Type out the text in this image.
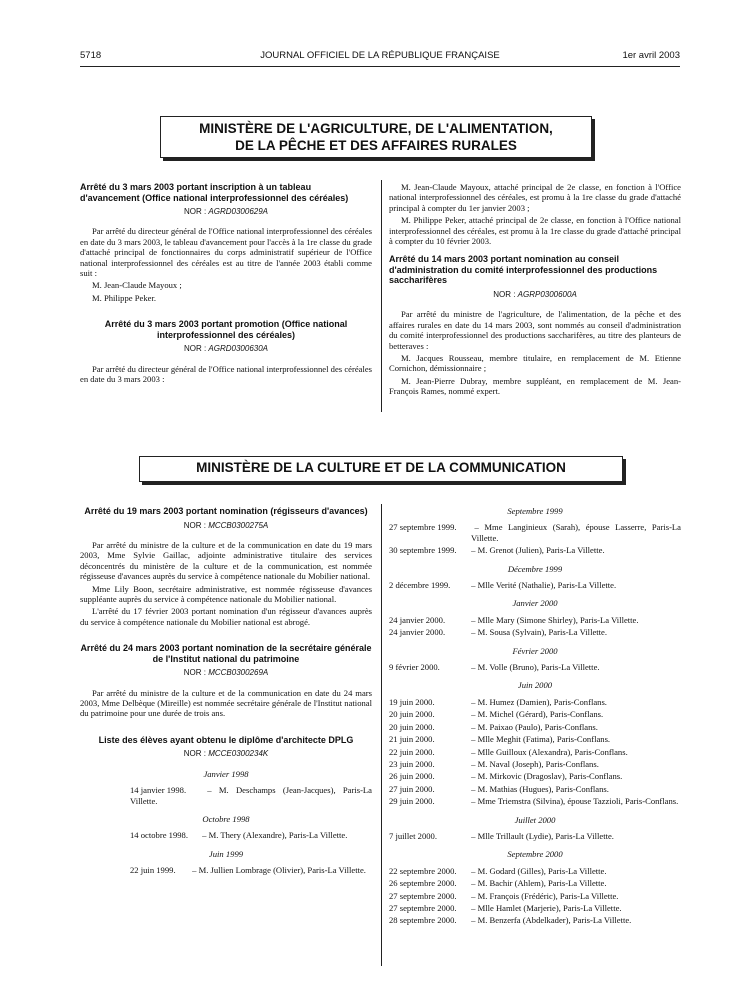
5718	JOURNAL OFFICIEL DE LA RÉPUBLIQUE FRANÇAISE	1er avril 2003
MINISTÈRE DE L'AGRICULTURE, DE L'ALIMENTATION,
DE LA PÊCHE ET DES AFFAIRES RURALES
Arrêté du 3 mars 2003 portant inscription à un tableau d'avancement (Office national interprofessionnel des céréales)
NOR : AGRD0300629A

Par arrêté du directeur général de l'Office national interprofessionnel des céréales en date du 3 mars 2003, le tableau d'avancement pour l'accès à la 1re classe du grade d'attaché principal de fonctionnaires du corps administratif supérieur de l'Office national interprofessionnel des céréales est au titre de l'année 2003 établi comme suit :

M. Jean-Claude Mayoux ;

M. Philippe Peker.

Arrêté du 3 mars 2003 portant promotion (Office national interprofessionnel des céréales)
NOR : AGRD0300630A

Par arrêté du directeur général de l'Office national interprofessionnel des céréales en date du 3 mars 2003 :

M. Jean-Claude Mayoux, attaché principal de 2e classe, en fonction à l'Office national interprofessionnel des céréales, est promu à la 1re classe du grade d'attaché principal à compter du 1er janvier 2003 ;

M. Philippe Peker, attaché principal de 2e classe, en fonction à l'Office national interprofessionnel des céréales, est promu à la 1re classe du grade d'attaché principal à compter du 10 février 2003.

Arrêté du 14 mars 2003 portant nomination au conseil d'administration du comité interprofessionnel des productions saccharifères
NOR : AGRP0300600A

Par arrêté du ministre de l'agriculture, de l'alimentation, de la pêche et des affaires rurales en date du 14 mars 2003, sont nommés au conseil d'administration du comité interprofessionnel des productions saccharifères, au titre des planteurs de betteraves :

M. Jacques Rousseau, membre titulaire, en remplacement de M. Etienne Cornichon, démissionnaire ;

M. Jean-Pierre Dubray, membre suppléant, en remplacement de M. Jean-François Rames, nommé expert.

MINISTÈRE DE LA CULTURE ET DE LA COMMUNICATION
Arrêté du 19 mars 2003 portant nomination (régisseurs d'avances)
NOR : MCCB0300275A

Par arrêté du ministre de la culture et de la communication en date du 19 mars 2003, Mme Sylvie Gaillac, adjointe administrative titulaire des services déconcentrés du ministère de la culture et de la communication, est nommée régisseuse d'avances auprès du service à compétence nationale du Mobilier national.

Mme Lily Boon, secrétaire administrative, est nommée régisseuse d'avances suppléante auprès du service à compétence nationale du Mobilier national.

L'arrêté du 17 février 2003 portant nomination d'un régisseur d'avances auprès du service à compétence nationale du Mobilier national est abrogé.

Arrêté du 24 mars 2003 portant nomination de la secrétaire générale de l'Institut national du patrimoine
NOR : MCCB0300269A

Par arrêté du ministre de la culture et de la communication en date du 24 mars 2003, Mme Delbèque (Mireille) est nommée secrétaire générale de l'Institut national du patrimoine pour une durée de trois ans.

Liste des élèves ayant obtenu le diplôme d'architecte DPLG
NOR : MCCE0300234K
Janvier 1998

14 janvier 1998. – M. Deschamps (Jean-Jacques), Paris-La Villette.

Octobre 1998

14 octobre 1998. – M. Thery (Alexandre), Paris-La Villette.

Juin 1999

22 juin 1999. – M. Jullien Lombrage (Olivier), Paris-La Villette.

Septembre 1999

27 septembre 1999. – Mme Langinieux (Sarah), épouse Lasserre, Paris-La Villette.

30 septembre 1999. – M. Grenot (Julien), Paris-La Villette.

Décembre 1999

2 décembre 1999. – Mlle Verité (Nathalie), Paris-La Villette.

Janvier 2000

24 janvier 2000.	– Mlle Mary (Simone Shirley), Paris-La Villette.

24 janvier 2000.	– M. Sousa (Sylvain), Paris-La Villette.

Février 2000

9 février 2000.	– M. Volle (Bruno), Paris-La Villette.

Juin 2000

19 juin 2000.	– M. Humez (Damien), Paris-Conflans.

20 juin 2000.	– M. Michel (Gérard), Paris-Conflans.

20 juin 2000.	– M. Paixao (Paulo), Paris-Conflans.

21 juin 2000.	– Mlle Meghit (Fatima), Paris-Conflans.

22 juin 2000.	– Mlle Guilloux (Alexandra), Paris-Conflans.

23 juin 2000.	– M. Naval (Joseph), Paris-Conflans.

26 juin 2000.	– M. Mirkovic (Dragoslav), Paris-Conflans.

27 juin 2000.	– M. Mathias (Hugues), Paris-Conflans.

29 juin 2000.	– Mme Triemstra (Silvina), épouse Tazzioli, Paris-Conflans.

Juillet 2000

7 juillet 2000.	– Mlle Trillault (Lydie), Paris-La Villette.

Septembre 2000

22 septembre 2000. – M. Godard (Gilles), Paris-La Villette.

26 septembre 2000. – M. Bachir (Ahlem), Paris-La Villette.

27 septembre 2000. – M. François (Frédéric), Paris-La Villette.

27 septembre 2000. – Mlle Hamlet (Marjerie), Paris-La Villette.

28 septembre 2000. – M. Benzerfa (Abdelkader), Paris-La Villette.
